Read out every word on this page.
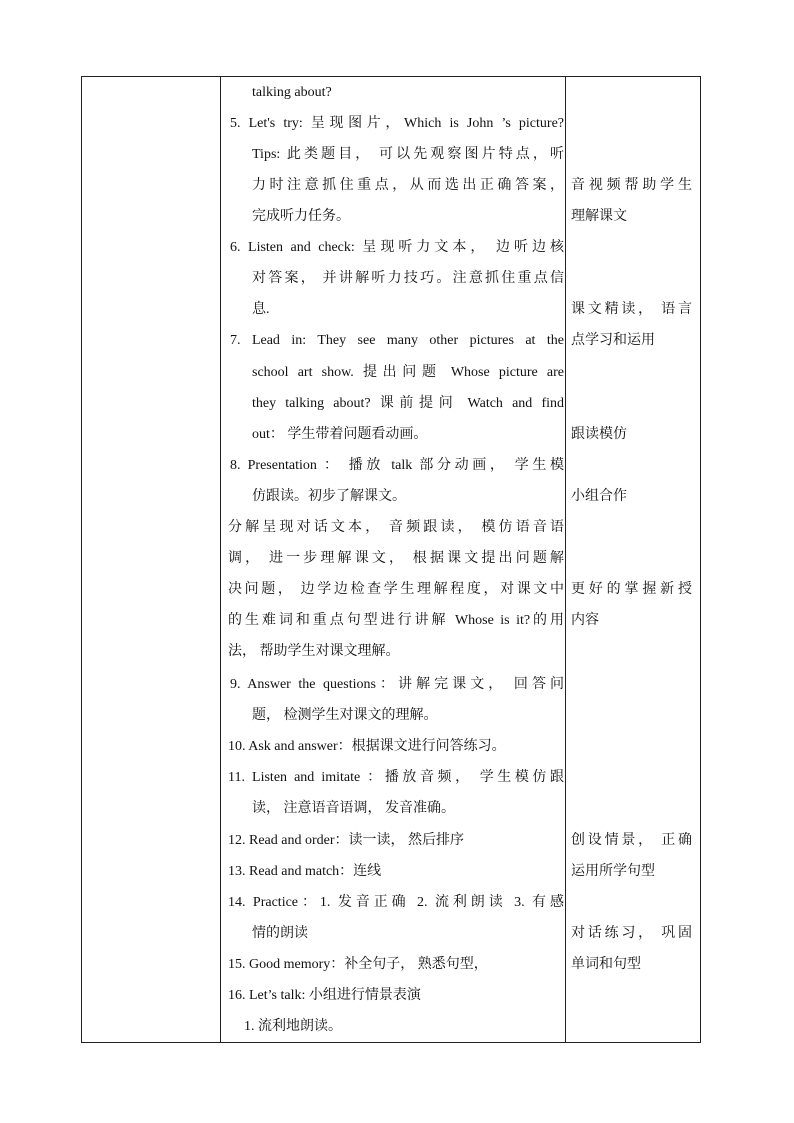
talking about?
5. Let's try: 呈现图片，Which is John ’s picture?
Tips: 此类题目， 可以先观察图片特点，听
力时注意抓住重点，从而选出正确答案，
完成听力任务。
6. Listen and check: 呈现听力文本， 边听边核
对答案， 并讲解听力技巧。注意抓住重点信
息.
7. Lead in: They see many other pictures at the
school art show. 提出问题 Whose picture are
they talking about? 课前提问 Watch and find
out： 学生带着问题看动画。
8. Presentation ： 播放 talk 部分动画， 学生模
仿跟读。初步了解课文。
分解呈现对话文本， 音频跟读， 模仿语音语
调， 进一步理解课文， 根据课文提出问题解
决问题， 边学边检查学生理解程度，对课文中
的生难词和重点句型进行讲解 Whose is it?的用
法， 帮助学生对课文理解。
9. Answer the questions：讲解完课文， 回答问
题， 检测学生对课文的理解。
10. Ask and answer：根据课文进行问答练习。
11. Listen and imitate ：播放音频， 学生模仿跟
读， 注意语音语调， 发音准确。
12. Read and order：读一读， 然后排序
13. Read and match：连线
14. Practice：1. 发音正确 2. 流利朗读 3. 有感
情的朗读
15. Good memory：补全句子， 熟悉句型，
16. Let’s talk: 小组进行情景表演
1. 流利地朗读。
音视频帮助学生
理解课文
课文精读， 语言
点学习和运用
跟读模仿
小组合作
更好的掌握新授
内容
创设情景， 正确
运用所学句型
对话练习， 巩固
单词和句型
